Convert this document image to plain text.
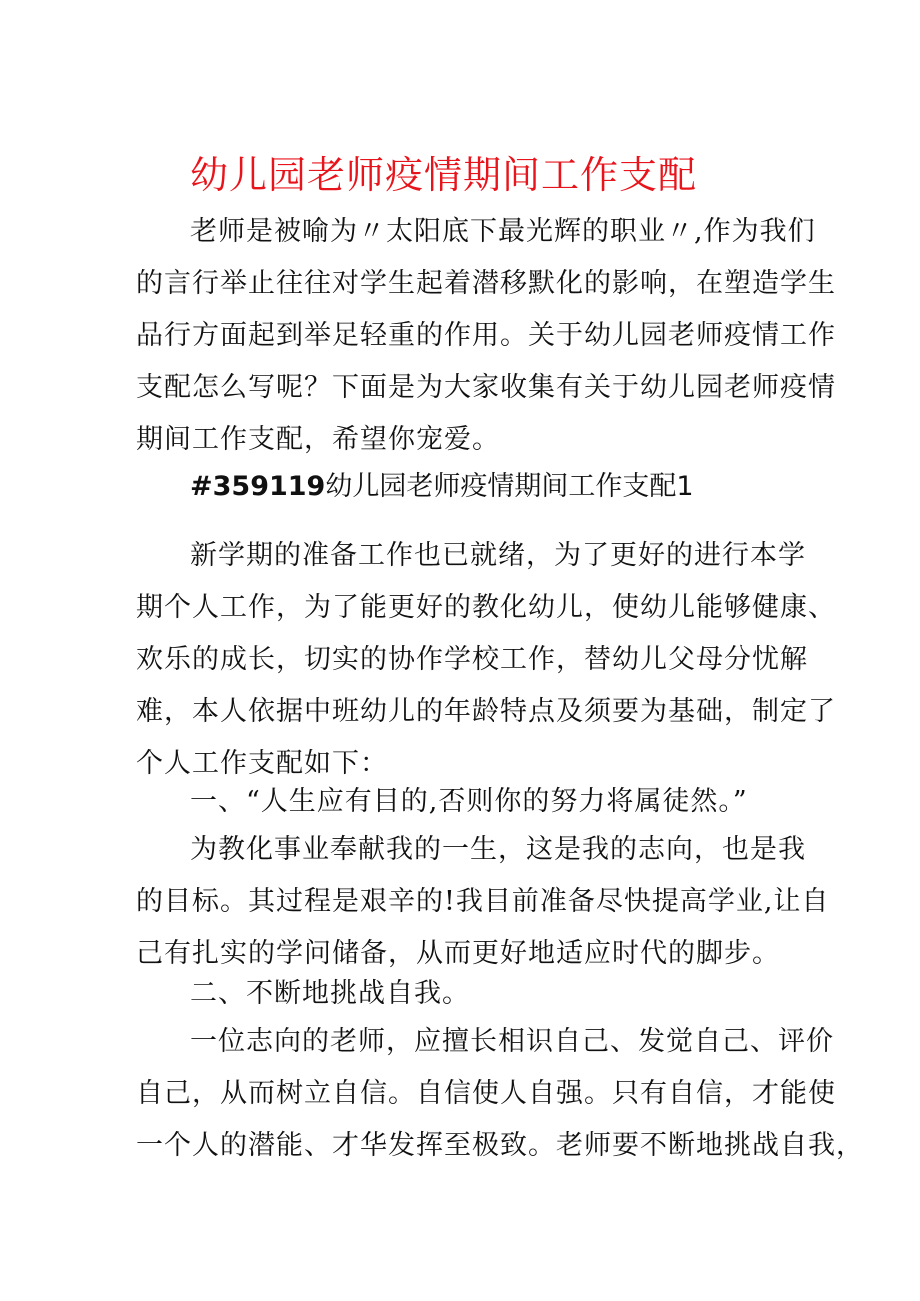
幼儿园老师疫情期间工作支配

老师是被喻为〃太阳底下最光辉的职业〃,作为我们
的言行举止往往对学生起着潜移默化的影响，在塑造学生
品行方面起到举足轻重的作用。关于幼儿园老师疫情工作
支配怎么写呢？下面是为大家收集有关于幼儿园老师疫情
期间工作支配，希望你宠爱。

#359119幼儿园老师疫情期间工作支配1

新学期的准备工作也已就绪，为了更好的进行本学
期个人工作，为了能更好的教化幼儿，使幼儿能够健康、
欢乐的成长，切实的协作学校工作，替幼儿父母分忧解
难，本人依据中班幼儿的年龄特点及须要为基础，制定了
个人工作支配如下：

一、“人生应有目的,否则你的努力将属徒然。”

为教化事业奉献我的一生，这是我的志向，也是我
的目标。其过程是艰辛的!我目前准备尽快提高学业,让自
己有扎实的学问储备，从而更好地适应时代的脚步。

二、不断地挑战自我。

一位志向的老师，应擅长相识自己、发觉自己、评价
自己，从而树立自信。自信使人自强。只有自信，才能使
一个人的潜能、才华发挥至极致。老师要不断地挑战自我，
